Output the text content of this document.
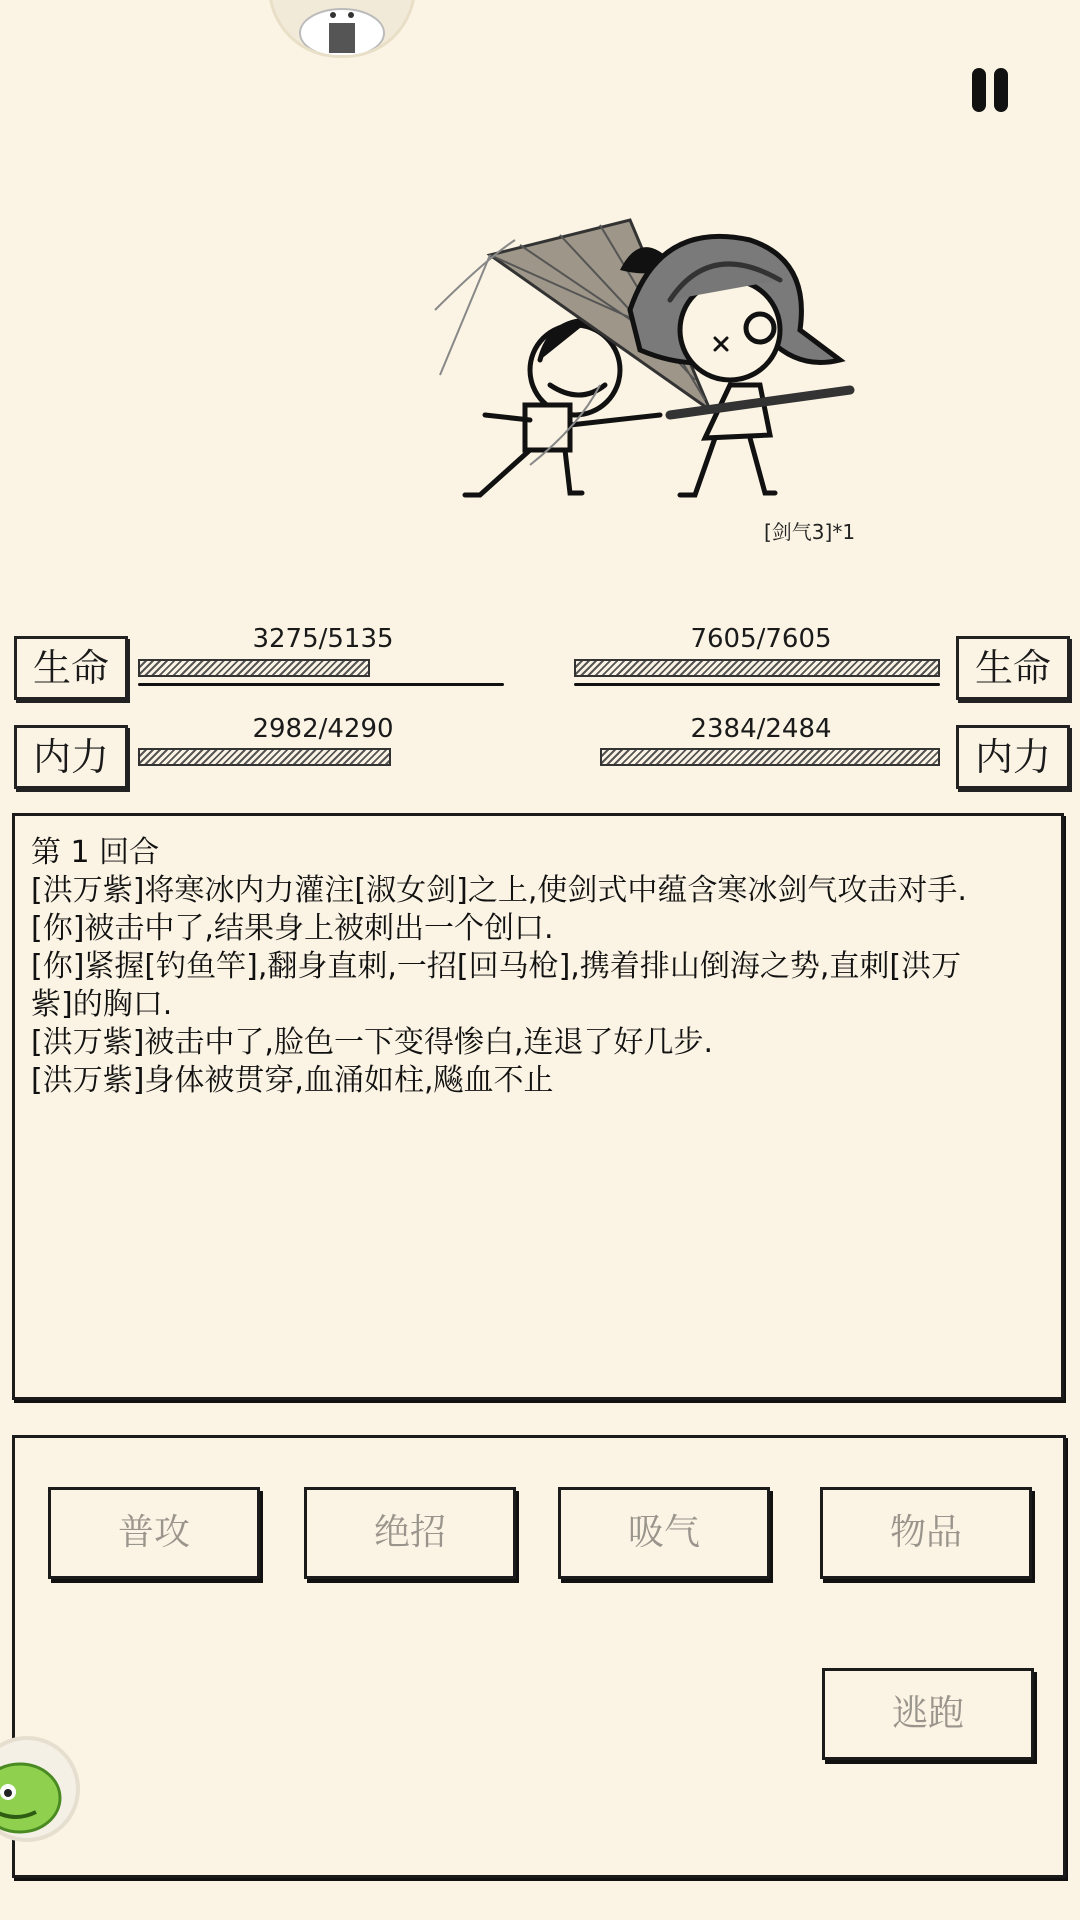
[剑气3]*1
生命
3275/5135
内力
2982/4290
生命
7605/7605
内力
2384/2484
第 1 回合
[洪万紫]将寒冰内力灌注[淑女剑]之上,使剑式中蕴含寒冰剑气攻击对手.
[你]被击中了,结果身上被刺出一个创口.
[你]紧握[钓鱼竿],翻身直刺,一招[回马枪],携着排山倒海之势,直刺[洪万
紫]的胸口.
[洪万紫]被击中了,脸色一下变得惨白,连退了好几步.
[洪万紫]身体被贯穿,血涌如柱,飚血不止
普攻	绝招	吸气	物品
逃跑
